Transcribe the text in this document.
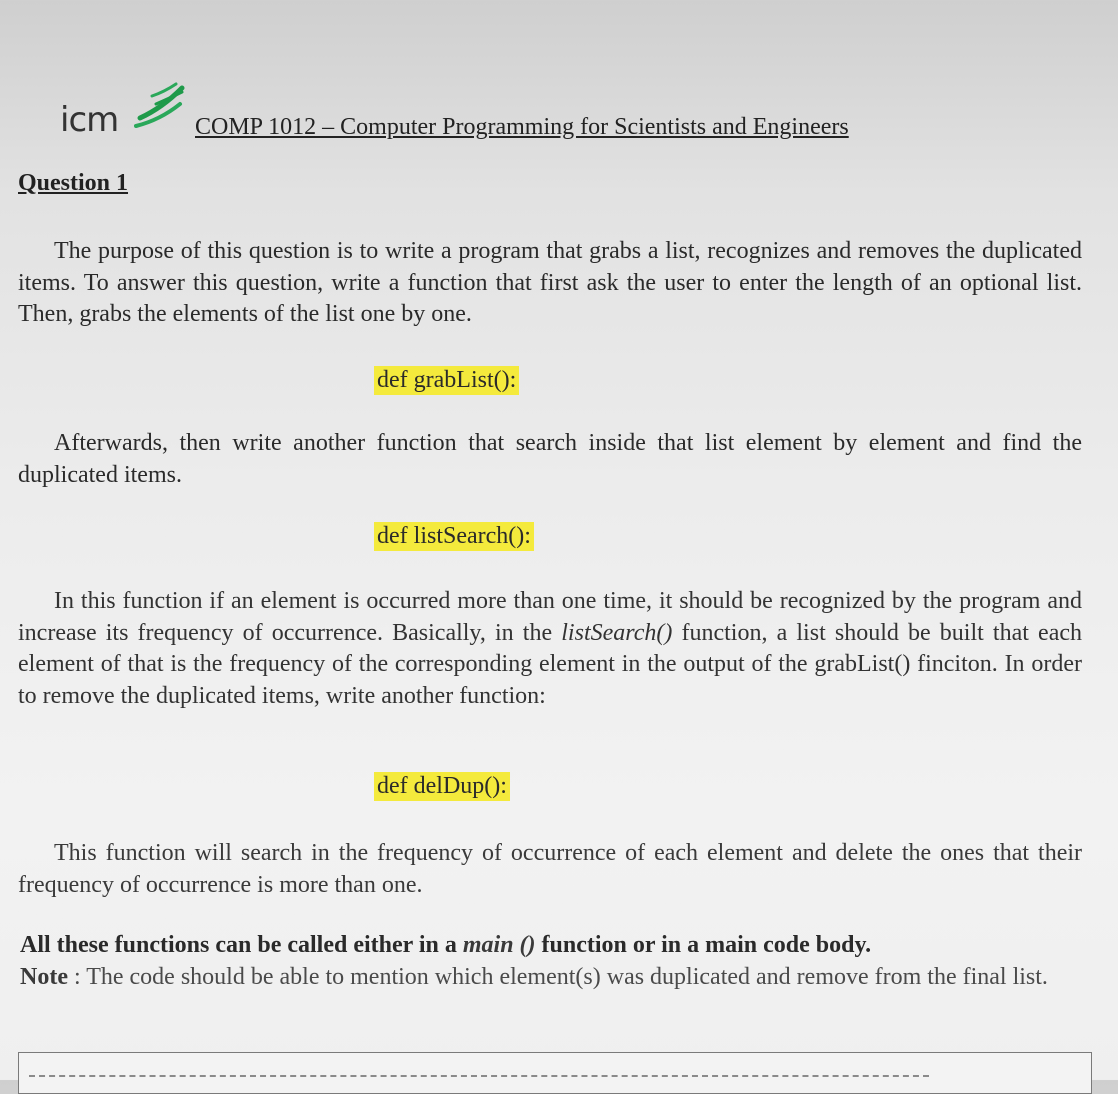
icm	COMP 1012 – Computer Programming for Scientists and Engineers
Question 1

The purpose of this question is to write a program that grabs a list, recognizes and removes the duplicated items. To answer this question, write a function that first ask the user to enter the length of an optional list. Then, grabs the elements of the list one by one.

def grabList():

Afterwards, then write another function that search inside that list element by element and find the duplicated items.

def listSearch():

In this function if an element is occurred more than one time, it should be recognized by the program and increase its frequency of occurrence. Basically, in the listSearch() function, a list should be built that each element of that is the frequency of the corresponding element in the output of the grabList() finciton. In order to remove the duplicated items, write another function:

def delDup():

This function will search in the frequency of occurrence of each element and delete the ones that their frequency of occurrence is more than one.

All these functions can be called either in a main () function or in a main code body.
Note : The code should be able to mention which element(s) was duplicated and remove from the final list.
